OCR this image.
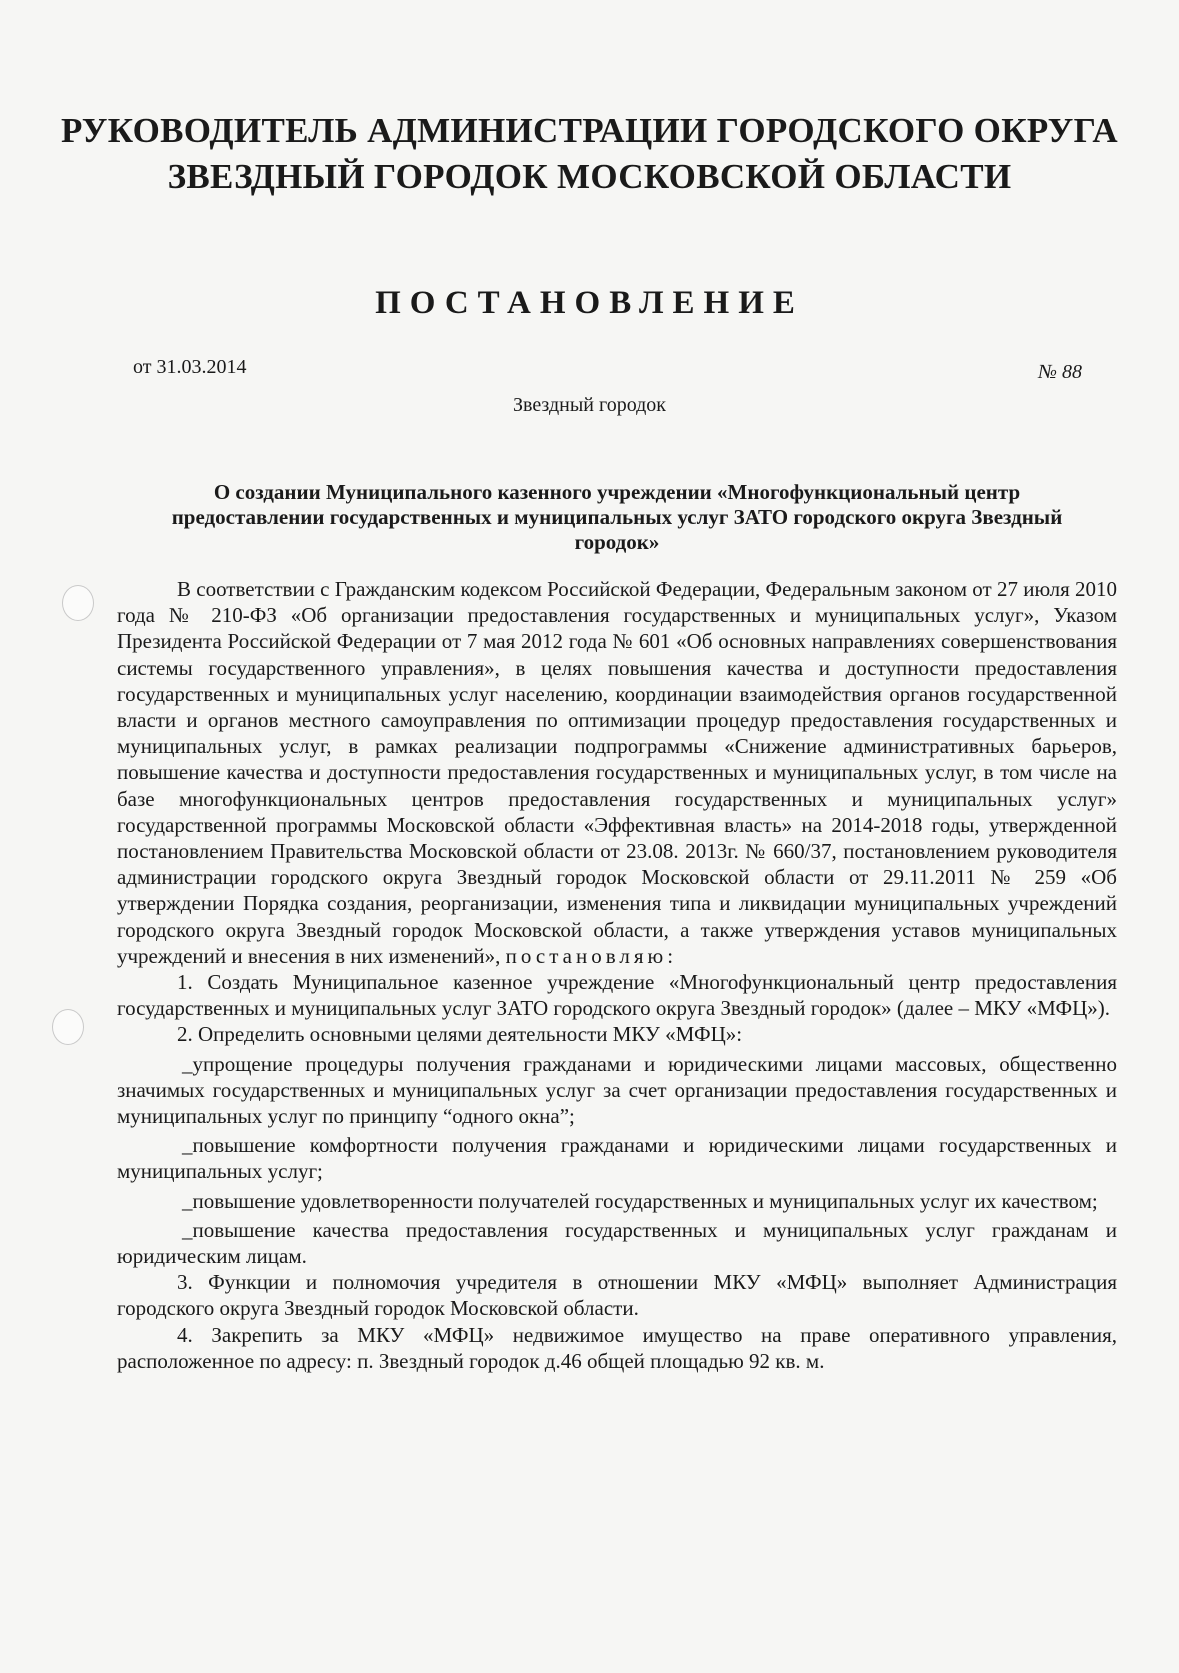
РУКОВОДИТЕЛЬ АДМИНИСТРАЦИИ ГОРОДСКОГО ОКРУГА
ЗВЕЗДНЫЙ ГОРОДОК МОСКОВСКОЙ ОБЛАСТИ
ПОСТАНОВЛЕНИЕ
от 31.03.2014	№ 88
Звездный городок
О создании Муниципального казенного учреждении «Многофункциональный центр предоставлении государственных и муниципальных услуг ЗАТО городского округа Звездный городок»

В соответствии с Гражданским кодексом Российской Федерации, Федеральным законом от 27 июля 2010 года № 210-ФЗ «Об организации предоставления государственных и муниципальных услуг», Указом Президента Российской Федерации от 7 мая 2012 года № 601 «Об основных направлениях совершенствования системы государственного управления», в целях повышения качества и доступности предоставления государственных и муниципальных услуг населению, координации взаимодействия органов государственной власти и органов местного самоуправления по оптимизации процедур предоставления государственных и муниципальных услуг, в рамках реализации подпрограммы «Снижение административных барьеров, повышение качества и доступности предоставления государственных и муниципальных услуг, в том числе на базе многофункциональных центров предоставления государственных и муниципальных услуг» государственной программы Московской области «Эффективная власть» на 2014-2018 годы, утвержденной постановлением Правительства Московской области от 23.08. 2013г. № 660/37, постановлением руководителя администрации городского округа Звездный городок Московской области от 29.11.2011 № 259 «Об утверждении Порядка создания, реорганизации, изменения типа и ликвидации муниципальных учреждений городского округа Звездный городок Московской области, а также утверждения уставов муниципальных учреждений и внесения в них изменений», постановляю:

1. Создать Муниципальное казенное учреждение «Многофункциональный центр предоставления государственных и муниципальных услуг ЗАТО городского округа Звездный городок» (далее – МКУ «МФЦ»).

2. Определить основными целями деятельности МКУ «МФЦ»:

_упрощение процедуры получения гражданами и юридическими лицами массовых, общественно значимых государственных и муниципальных услуг за счет организации предоставления государственных и муниципальных услуг по принципу “одного окна”;

_повышение комфортности получения гражданами и юридическими лицами государственных и муниципальных услуг;

_повышение удовлетворенности получателей государственных и муниципальных услуг их качеством;

_повышение качества предоставления государственных и муниципальных услуг гражданам и юридическим лицам.

3. Функции и полномочия учредителя в отношении МКУ «МФЦ» выполняет Администрация городского округа Звездный городок Московской области.

4. Закрепить за МКУ «МФЦ» недвижимое имущество на праве оперативного управления, расположенное по адресу: п. Звездный городок д.46 общей площадью 92 кв. м.
